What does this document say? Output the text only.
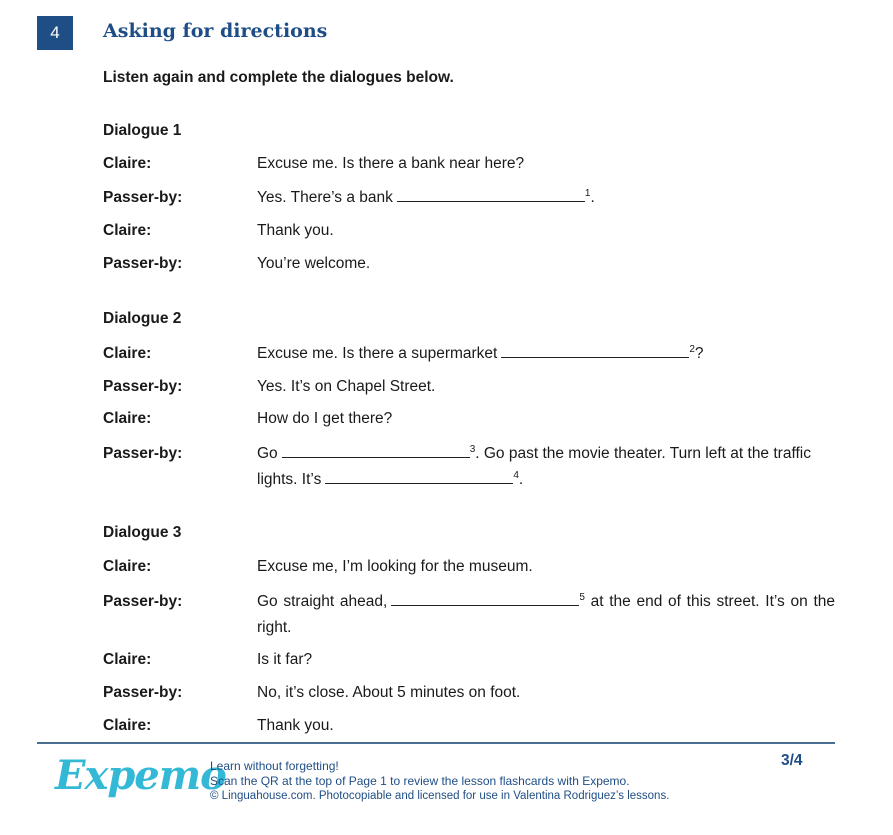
4	Asking for directions

Listen again and complete the dialogues below.

Dialogue 1
Claire:	Excuse me. Is there a bank near here?
Passer-by:	Yes. There’s a bank	$^1$.
Claire:	Thank you.
Passer-by:	You’re welcome.
Dialogue 2
Claire:	Excuse me. Is there a supermarket	$^2$?
Passer-by:	Yes. It’s on Chapel Street.
Claire:	How do I get there?
Passer-by:	Go	$^3$. Go past the movie theater. Turn left at the traffic lights. It’s	$^4$.
Dialogue 3
Claire:	Excuse me, I’m looking for the museum.
Passer-by:	Go straight ahead,	$^5$ at the end of this street. It’s on the right.
Claire:	Is it far?
Passer-by:	No, it’s close. About 5 minutes on foot.
Claire:	Thank you.
Expemo
Learn without forgetting!
Scan the QR at the top of Page 1 to review the lesson flashcards with Expemo.
© Linguahouse.com. Photocopiable and licensed for use in Valentina Rodriguez’s lessons.
3/4
